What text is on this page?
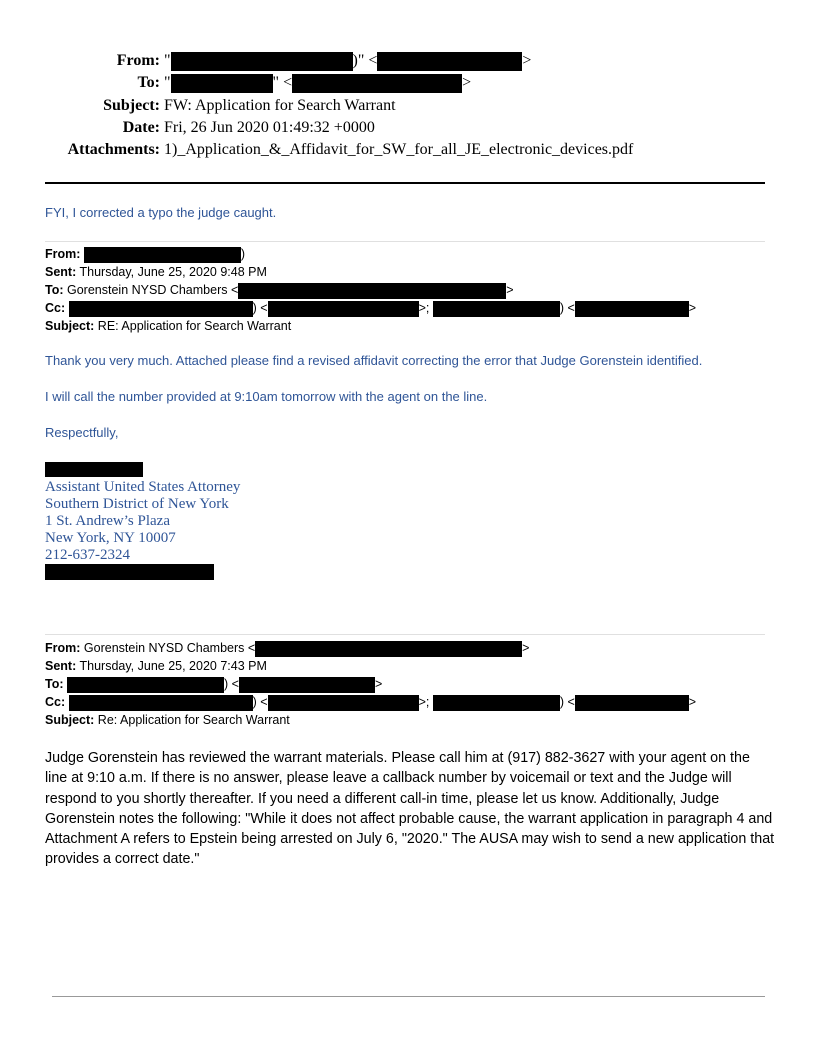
From: "	)" <	>
To: "	" <	>
Subject: FW: Application for Search Warrant
Date: Fri, 26 Jun 2020 01:49:32 +0000
Attachments: 1)_Application_&_Affidavit_for_SW_for_all_JE_electronic_devices.pdf
FYI, I corrected a typo the judge caught.
From:	)
Sent: Thursday, June 25, 2020 9:48 PM
To: Gorenstein NYSD Chambers <	>
Cc:	) <	>;	) <	>
Subject: RE: Application for Search Warrant
Thank you very much. Attached please find a revised affidavit correcting the error that Judge Gorenstein identified.
I will call the number provided at 9:10am tomorrow with the agent on the line.
Respectfully,
Assistant United States Attorney
Southern District of New York
1 St. Andrew’s Plaza
New York, NY 10007
212-637-2324
From: Gorenstein NYSD Chambers <	>
Sent: Thursday, June 25, 2020 7:43 PM
To:	) <	>
Cc:	) <	>;	) <	>
Subject: Re: Application for Search Warrant
Judge Gorenstein has reviewed the warrant materials. Please call him at (917) 882-3627 with your agent on the line at 9:10 a.m. If there is no answer, please leave a callback number by voicemail or text and the Judge will respond to you shortly thereafter. If you need a different call-in time, please let us know. Additionally, Judge Gorenstein notes the following: "While it does not affect probable cause, the warrant application in paragraph 4 and Attachment A refers to Epstein being arrested on July 6, "2020." The AUSA may wish to send a new application that provides a correct date."
